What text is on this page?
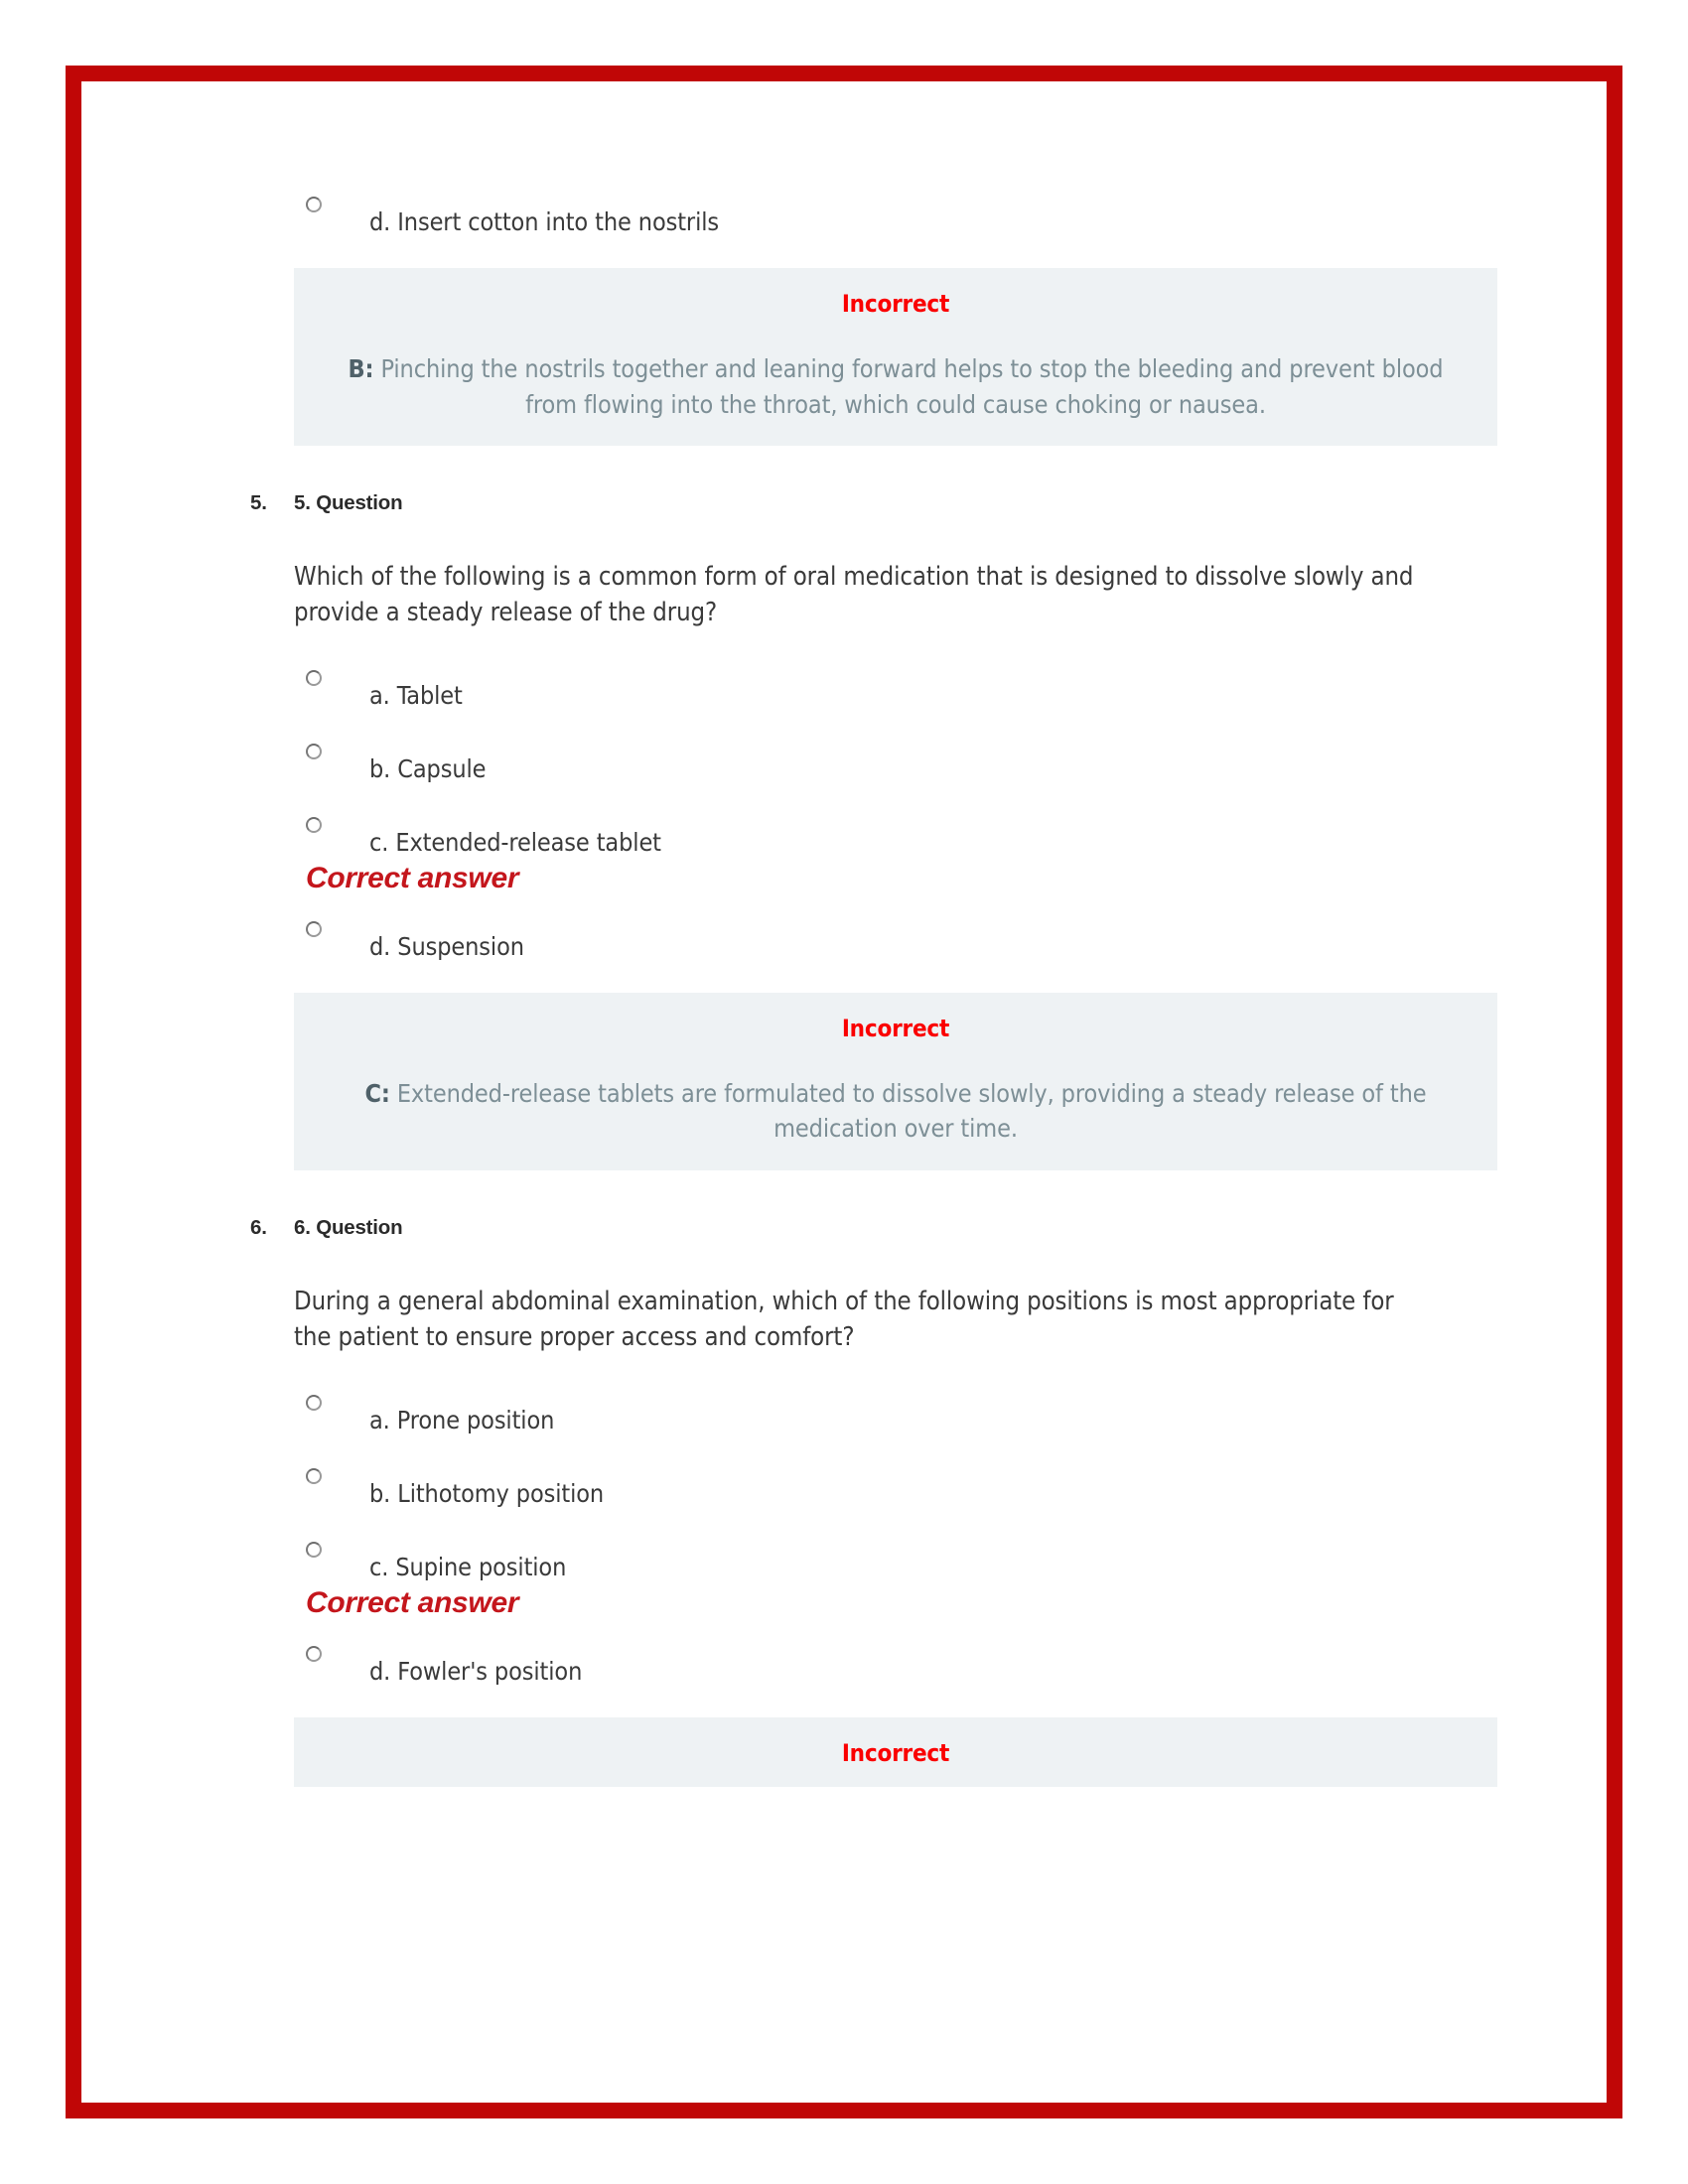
d. Insert cotton into the nostrils
Incorrect

B: Pinching the nostrils together and leaning forward helps to stop the bleeding and prevent blood from flowing into the throat, which could cause choking or nausea.

5.	5. Question

Which of the following is a common form of oral medication that is designed to dissolve slowly and provide a steady release of the drug?

a. Tablet
b. Capsule
c. Extended-release tablet
Correct answer
d. Suspension
Incorrect

C: Extended-release tablets are formulated to dissolve slowly, providing a steady release of the medication over time.

6.	6. Question

During a general abdominal examination, which of the following positions is most appropriate for the patient to ensure proper access and comfort?

a. Prone position
b. Lithotomy position
c. Supine position
Correct answer
d. Fowler's position
Incorrect
